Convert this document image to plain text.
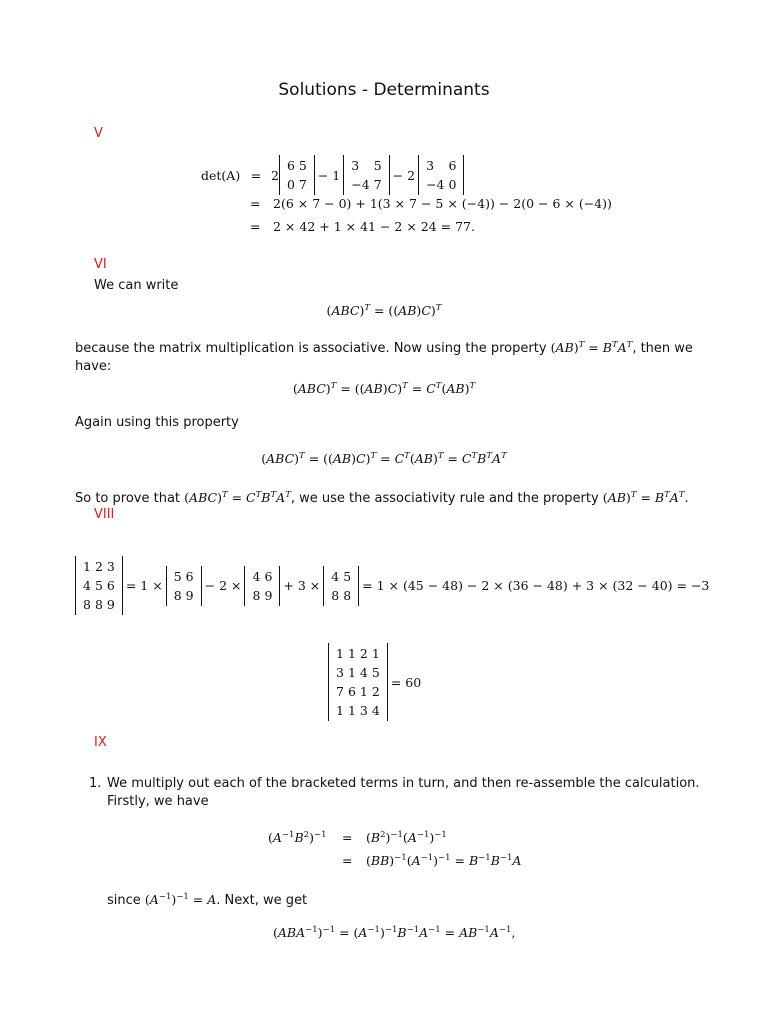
Solutions - Determinants
V
det(A) = 2
6	5
0	7
− 1
3	5
−4	7
− 2
3	6
−4	0
= 2(6 × 7 − 0) + 1(3 × 7 − 5 × (−4)) − 2(0 − 6 × (−4))
= 2 × 42 + 1 × 41 − 2 × 24 = 77.
VI
We can write
$(ABC)^T = ((AB)C)^T$
because the matrix multiplication is associative. Now using the property $(AB)^T = B^TA^T$, then we have:
$(ABC)^T = ((AB)C)^T = C^T(AB)^T$
Again using this property
$(ABC)^T = ((AB)C)^T = C^T(AB)^T = C^TB^TA^T$
So to prove that $(ABC)^T = C^TB^TA^T$, we use the associativity rule and the property $(AB)^T = B^TA^T$.
VIII
1	2	3
4	5	6
8	8	9
= 1 ×
5	6
8	9
− 2 ×
4	6
8	9
+ 3 ×
4	5
8	8
= 1 × (45 − 48) − 2 × (36 − 48) + 3 × (32 − 40) = −3
1	1	2	1
3	1	4	5
7	6	1	2
1	1	3	4
= 60
IX
1. We multiply out each of the bracketed terms in turn, and then re-assemble the calculation. Firstly, we have
$(A^{-1}B^2)^{-1} = (B^2)^{-1}(A^{-1})^{-1}$
= $(BB)^{-1}(A^{-1})^{-1} = B^{-1}B^{-1}A$
since $(A^{-1})^{-1} = A$. Next, we get
$(ABA^{-1})^{-1} = (A^{-1})^{-1}B^{-1}A^{-1} = AB^{-1}A^{-1}$,
